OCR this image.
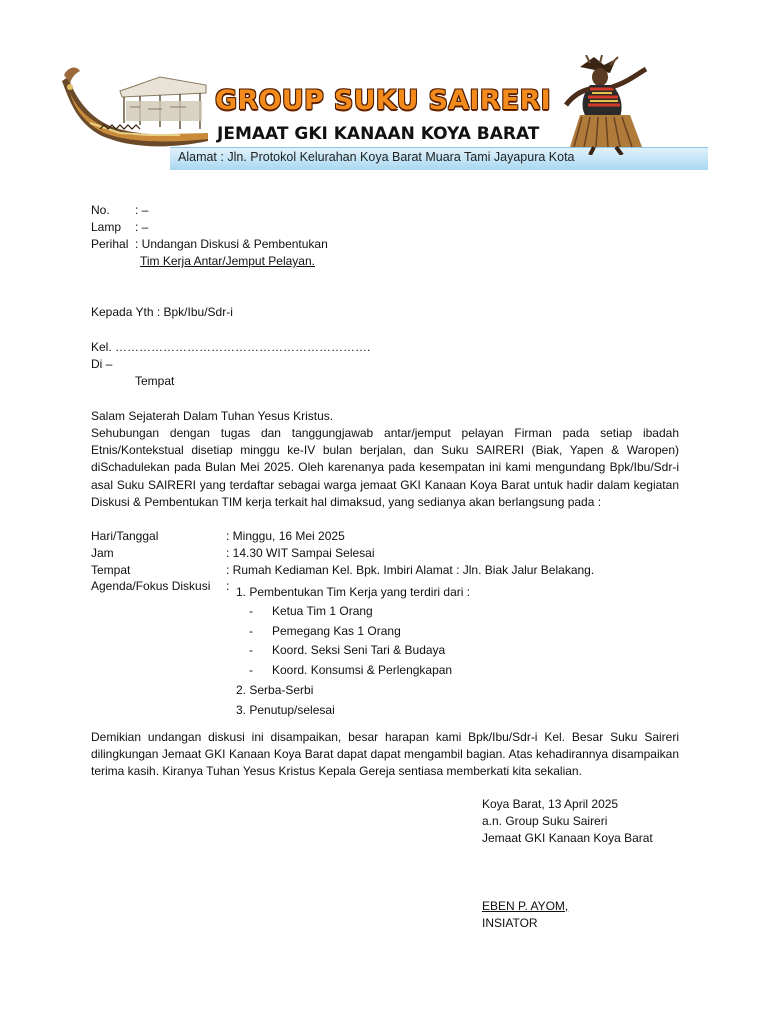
GROUP SUKU SAIRERI
JEMAAT GKI KANAAN KOYA BARAT
Alamat : Jln. Protokol Kelurahan Koya Barat Muara Tami Jayapura Kota
No. : –
Lamp : –
Perihal : Undangan Diskusi & Pembentukan
Tim Kerja Antar/Jemput Pelayan.
Kepada Yth : Bpk/Ibu/Sdr-i
Kel. ……………………………………………………….
Di –
Tempat
Salam Sejaterah Dalam Tuhan Yesus Kristus.
Sehubungan dengan tugas dan tanggungjawab antar/jemput pelayan Firman pada setiap ibadah Etnis/Kontekstual disetiap minggu ke-IV bulan berjalan, dan Suku SAIRERI (Biak, Yapen & Waropen) diSchadulekan pada Bulan Mei 2025. Oleh karenanya pada kesempatan ini kami mengundang Bpk/Ibu/Sdr-i asal Suku SAIRERI yang terdaftar sebagai warga jemaat GKI Kanaan Koya Barat untuk hadir dalam kegiatan Diskusi & Pembentukan TIM kerja terkait hal dimaksud, yang sedianya akan berlangsung pada :
Hari/Tanggal	: Minggu, 16 Mei 2025
Jam	: 14.30 WIT Sampai Selesai
Tempat	: Rumah Kediaman Kel. Bpk. Imbiri Alamat : Jln. Biak Jalur Belakang.
Agenda/Fokus Diskusi : 1. Pembentukan Tim Kerja yang terdiri dari :
- Ketua Tim 1 Orang
- Pemegang Kas 1 Orang
- Koord. Seksi Seni Tari & Budaya
- Koord. Konsumsi & Perlengkapan
2. Serba-Serbi
3. Penutup/selesai
Demikian undangan diskusi ini disampaikan, besar harapan kami Bpk/Ibu/Sdr-i Kel. Besar Suku Saireri dilingkungan Jemaat GKI Kanaan Koya Barat dapat dapat mengambil bagian. Atas kehadirannya disampaikan terima kasih. Kiranya Tuhan Yesus Kristus Kepala Gereja sentiasa memberkati kita sekalian.
Koya Barat, 13 April 2025
a.n. Group Suku Saireri
Jemaat GKI Kanaan Koya Barat
EBEN P. AYOM,
INSIATOR
